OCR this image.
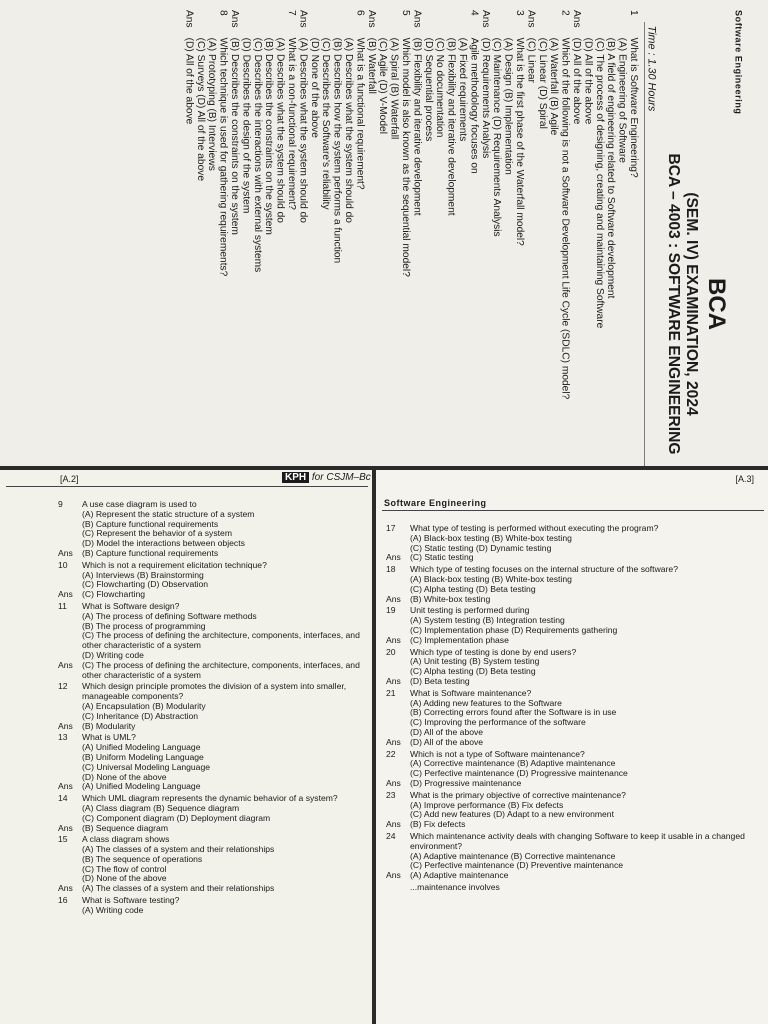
Software Engineering
BCA
(SEM. IV) EXAMINATION, 2024
BCA – 4003 : SOFTWARE ENGINEERING
Time : 1.30 Hours
1
What is Software Engineering?
(A) Engineering of Software
(B) A field of engineering related to Software development
(C) The process of designing, creating and maintaining Software
(D) All of the above
Ans
(D) All of the above
2
Which of the following is not a Software Development Life Cycle (SDLC) model?
(A) Waterfall (B) Agile
(C) Linear (D) Spiral
Ans
(C) Linear
3
What is the first phase of the Waterfall model?
(A) Design (B) Implementation
(C) Maintenance (D) Requirements Analysis
Ans
(D) Requirements Analysis
4
Agile methodology focuses on
(A) Fixed requirements
(B) Flexibility and iterative development
(C) No documentation
(D) Sequential process
Ans
(B) Flexibility and iterative development
5
Which model is also known as the sequential model?
(A) Spiral (B) Waterfall
(C) Agile (D) V-Model
Ans
(B) Waterfall
6
What is a functional requirement?
(A) Describes what the system should do
(B) Describes how the system performs a function
(C) Describes the Software's reliability
(D) None of the above
Ans
(A) Describes what the system should do
7
What is a non-functional requirement?
(A) Describes what the system should do
(B) Describes the constraints on the system
(C) Describes the interactions with external systems
(D) Describes the design of the system
Ans
(B) Describes the constraints on the system
8
Which technique is used for gathering requirements?
(A) Prototyping (B) Interviews
(C) Surveys (D) All of the above
Ans
(D) All of the above
[A.2]	KPH for CSJM–Bc
9	A use case diagram is used to
(A) Represent the static structure of a system
(B) Capture functional requirements
(C) Represent the behavior of a system
(D) Model the interactions between objects
Ans	(B) Capture functional requirements
10	Which is not a requirement elicitation technique?
(A) Interviews (B) Brainstorming
(C) Flowcharting (D) Observation
Ans	(C) Flowcharting
11	What is Software design?
(A) The process of defining Software methods
(B) The process of programming
(C) The process of defining the architecture, components, interfaces, and other characteristic of a system
(D) Writing code
Ans	(C) The process of defining the architecture, components, interfaces, and other characteristic of a system
12	Which design principle promotes the division of a system into smaller, manageable components?
(A) Encapsulation (B) Modularity
(C) Inheritance (D) Abstraction
Ans	(B) Modularity
13	What is UML?
(A) Unified Modeling Language
(B) Uniform Modeling Language
(C) Universal Modeling Language
(D) None of the above
Ans	(A) Unified Modeling Language
14	Which UML diagram represents the dynamic behavior of a system?
(A) Class diagram (B) Sequence diagram
(C) Component diagram (D) Deployment diagram
Ans	(B) Sequence diagram
15	A class diagram shows
(A) The classes of a system and their relationships
(B) The sequence of operations
(C) The flow of control
(D) None of the above
Ans	(A) The classes of a system and their relationships
16	What is Software testing?
(A) Writing code
[A.3]
Software Engineering
17	What type of testing is performed without executing the program?
(A) Black-box testing (B) White-box testing
(C) Static testing (D) Dynamic testing
Ans	(C) Static testing
18	Which type of testing focuses on the internal structure of the software?
(A) Black-box testing (B) White-box testing
(C) Alpha testing (D) Beta testing
Ans	(B) White-box testing
19	Unit testing is performed during
(A) System testing (B) Integration testing
(C) Implementation phase (D) Requirements gathering
Ans	(C) Implementation phase
20	Which type of testing is done by end users?
(A) Unit testing (B) System testing
(C) Alpha testing (D) Beta testing
Ans	(D) Beta testing
21	What is Software maintenance?
(A) Adding new features to the Software
(B) Correcting errors found after the Software is in use
(C) Improving the performance of the software
(D) All of the above
Ans	(D) All of the above
22	Which is not a type of Software maintenance?
(A) Corrective maintenance (B) Adaptive maintenance
(C) Perfective maintenance (D) Progressive maintenance
Ans	(D) Progressive maintenance
23	What is the primary objective of corrective maintenance?
(A) Improve performance (B) Fix defects
(C) Add new features (D) Adapt to a new environment
Ans	(B) Fix defects
24	Which maintenance activity deals with changing Software to keep it usable in a changed environment?
(A) Adaptive maintenance (B) Corrective maintenance
(C) Perfective maintenance (D) Preventive maintenance
Ans	(A) Adaptive maintenance
...maintenance involves
